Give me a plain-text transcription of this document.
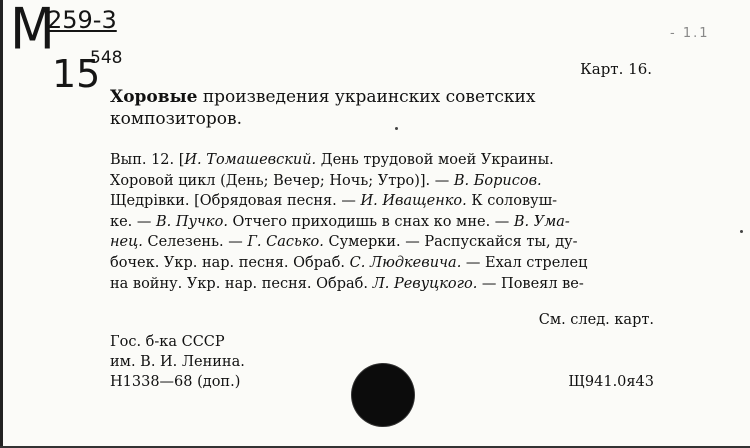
М
259-3
15
548
- 1.1
Карт. 16.
Хоровые произведения украинских советских композиторов.
Вып. 12. [И. Томашевский. День трудовой моей Украины.
Хоровой цикл (День; Вечер; Ночь; Утро)]. — В. Борисов.
Щедрiвки. [Обрядовая песня. — И. Иващенко. К соловуш-
ке. — В. Пучко. Отчего приходишь в снах ко мне. — В. Ума-
нец. Селезень. — Г. Сасько. Сумерки. — Распускайся ты, ду-
бочек. Укр. нар. песня. Обраб. С. Людкевича. — Ехал стрелец
на войну. Укр. нар. песня. Обраб. Л. Ревуцкого. — Повеял ве-
См. след. карт.
Гос. б-ка СССР
им. В. И. Ленина.
Н1338—68 (доп.)	Щ941.0я43
